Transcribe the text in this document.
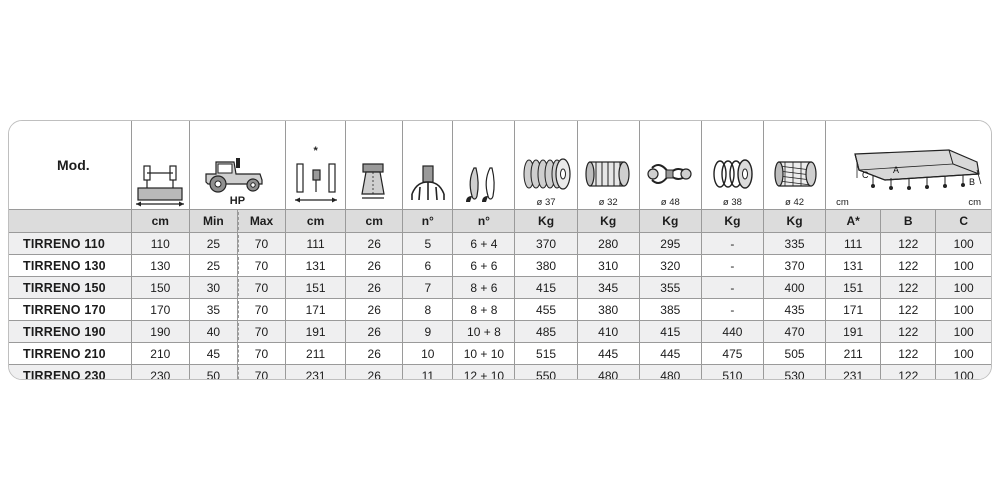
Mod.		HP		*				ø 37	ø 32	ø 48	ø 38	ø 42	C A
B
cm cm		

	cm	Min	Max	cm	cm	n°	n°	Kg	Kg	Kg	Kg	Kg	A*	B	C
TIRRENO 110	110	25	70	111	26	5	6 + 4	370	280	295	-	335	111	122	100
TIRRENO 130	130	25	70	131	26	6	6 + 6	380	310	320	-	370	131	122	100
TIRRENO 150	150	30	70	151	26	7	8 + 6	415	345	355	-	400	151	122	100
TIRRENO 170	170	35	70	171	26	8	8 + 8	455	380	385	-	435	171	122	100
TIRRENO 190	190	40	70	191	26	9	10 + 8	485	410	415	440	470	191	122	100
TIRRENO 210	210	45	70	211	26	10	10 + 10	515	445	445	475	505	211	122	100
TIRRENO 230	230	50	70	231	26	11	12 + 10	550	480	480	510	530	231	122	100
